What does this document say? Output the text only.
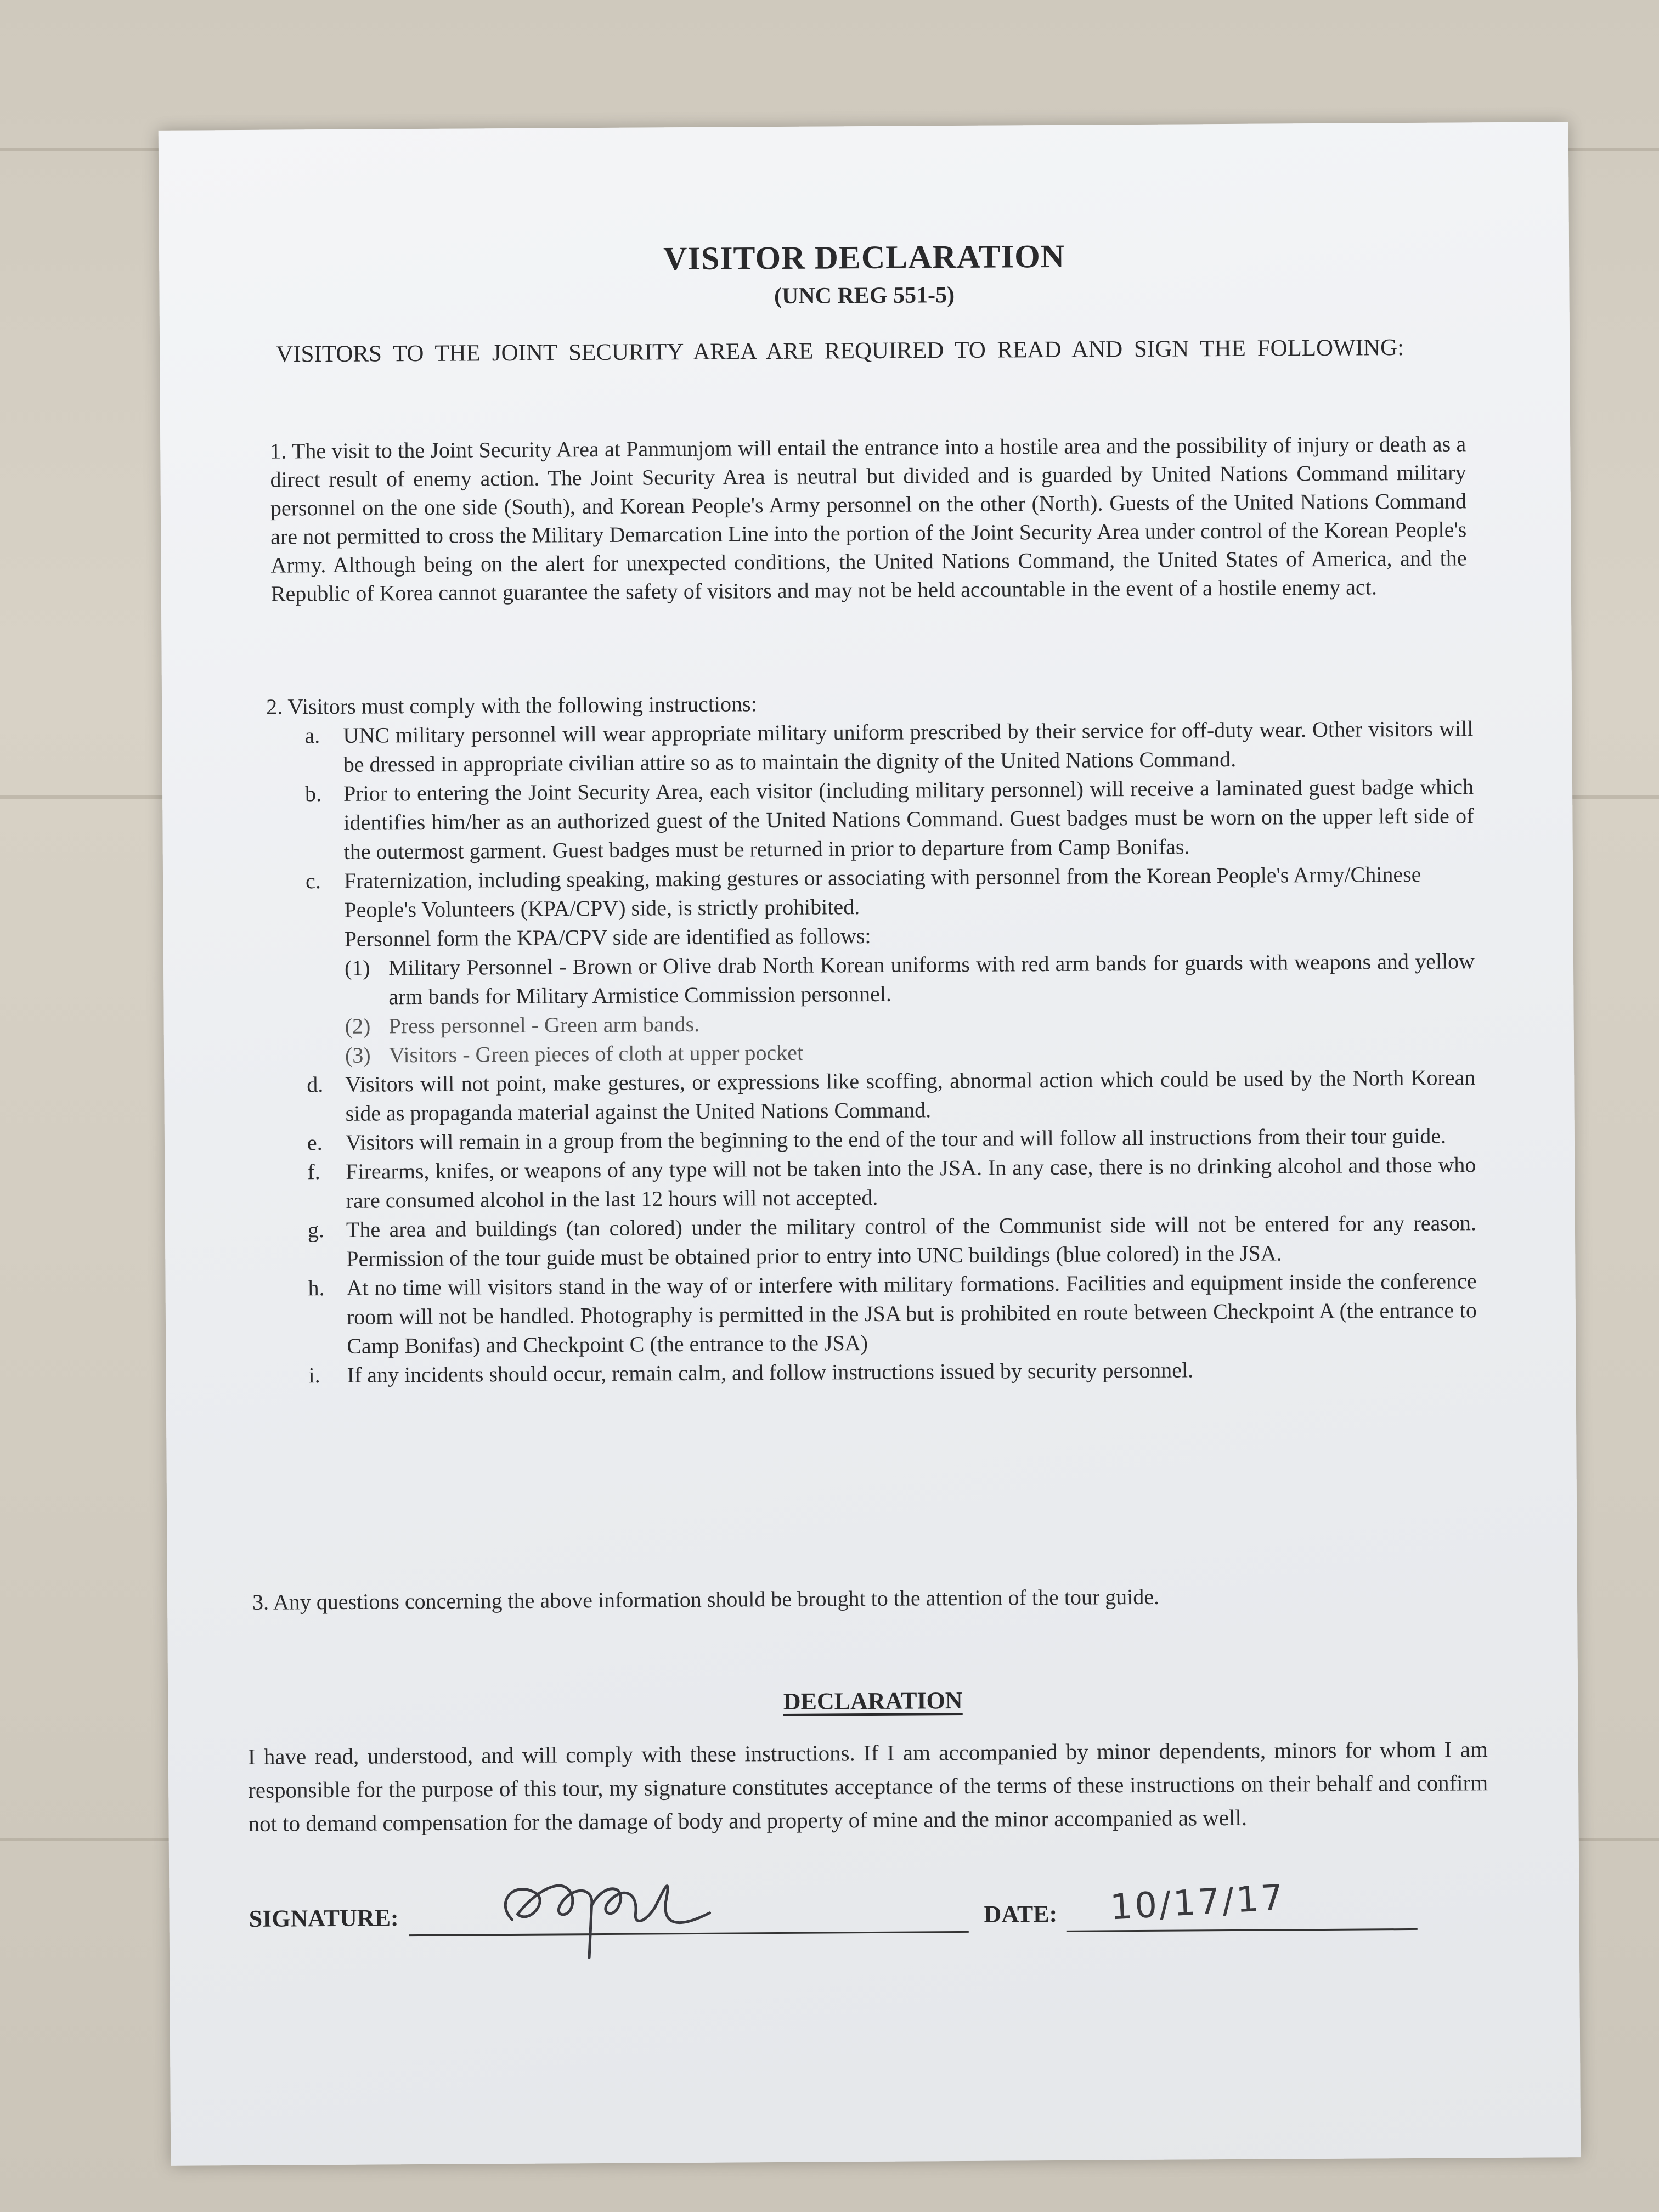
VISITOR DECLARATION
(UNC REG 551-5)
VISITORS TO THE JOINT SECURITY AREA ARE REQUIRED TO READ AND SIGN THE FOLLOWING:
1. The visit to the Joint Security Area at Panmunjom will entail the entrance into a hostile area and the possibility of injury or death as a direct result of enemy action. The Joint Security Area is neutral but divided and is guarded by United Nations Command military personnel on the one side (South), and Korean People's Army personnel on the other (North). Guests of the United Nations Command are not permitted to cross the Military Demarcation Line into the portion of the Joint Security Area under control of the Korean People's Army. Although being on the alert for unexpected conditions, the United Nations Command, the United States of America, and the Republic of Korea cannot guarantee the safety of visitors and may not be held accountable in the event of a hostile enemy act.
2. Visitors must comply with the following instructions:
a.	UNC military personnel will wear appropriate military uniform prescribed by their service for off-duty wear. Other visitors will be dressed in appropriate civilian attire so as to maintain the dignity of the United Nations Command.
b. Prior to entering the Joint Security Area, each visitor (including military personnel) will receive a laminated guest badge which identifies him/her as an authorized guest of the United Nations Command. Guest badges must be worn on the upper left side of the outermost garment. Guest badges must be returned in prior to departure from Camp Bonifas.
c.	Fraternization, including speaking, making gestures or associating with personnel from the Korean People's Army/Chinese People's Volunteers (KPA/CPV) side, is strictly prohibited.
Personnel form the KPA/CPV side are identified as follows:
(1) Military Personnel - Brown or Olive drab North Korean uniforms with red arm bands for guards with weapons and yellow arm bands for Military Armistice Commission personnel.
(2) Press personnel - Green arm bands.
(3) Visitors - Green pieces of cloth at upper pocket
d. Visitors will not point, make gestures, or expressions like scoffing, abnormal action which could be used by the North Korean side as propaganda material against the United Nations Command.
e.	Visitors will remain in a group from the beginning to the end of the tour and will follow all instructions from their tour guide.
f.	Firearms, knifes, or weapons of any type will not be taken into the JSA. In any case, there is no drinking alcohol and those who rare consumed alcohol in the last 12 hours will not accepted.
g. The area and buildings (tan colored) under the military control of the Communist side will not be entered for any reason. Permission of the tour guide must be obtained prior to entry into UNC buildings (blue colored) in the JSA.
h. At no time will visitors stand in the way of or interfere with military formations. Facilities and equipment inside the conference room will not be handled. Photography is permitted in the JSA but is prohibited en route between Checkpoint A (the entrance to Camp Bonifas) and Checkpoint C (the entrance to the JSA)
i.	If any incidents should occur, remain calm, and follow instructions issued by security personnel.
3. Any questions concerning the above information should be brought to the attention of the tour guide.
DECLARATION
I have read, understood, and will comply with these instructions. If I am accompanied by minor dependents, minors for whom I am responsible for the purpose of this tour, my signature constitutes acceptance of the terms of these instructions on their behalf and confirm not to demand compensation for the damage of body and property of mine and the minor accompanied as well.
SIGNATURE:	DATE: 10/17/17
